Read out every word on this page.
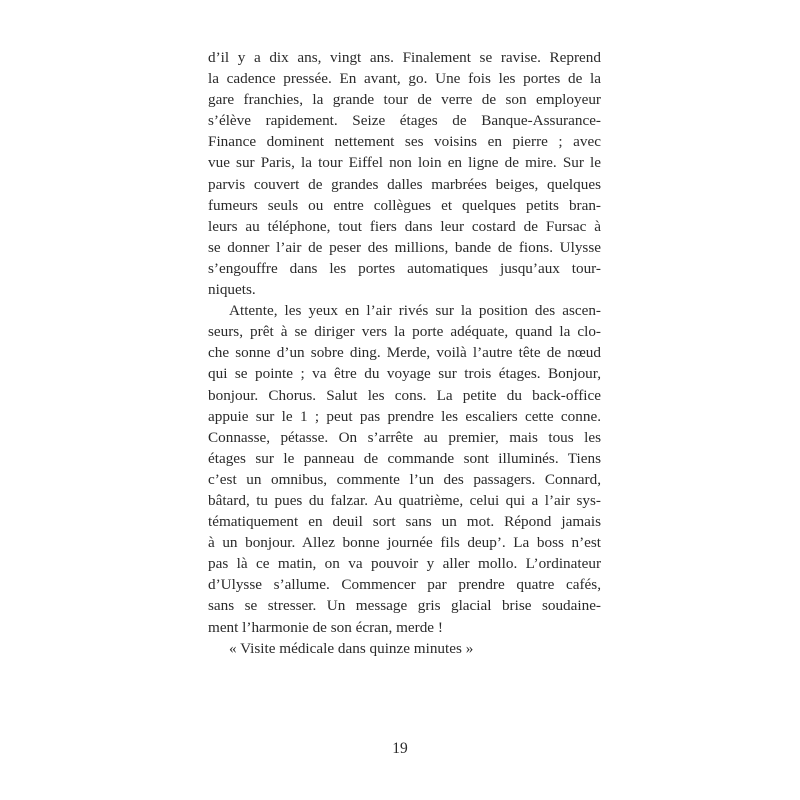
d’il y a dix ans, vingt ans. Finalement se ravise. Reprend
la cadence pressée. En avant, go. Une fois les portes de la
gare franchies, la grande tour de verre de son employeur
s’élève rapidement. Seize étages de Banque-Assurance-
Finance dominent nettement ses voisins en pierre ; avec
vue sur Paris, la tour Eiffel non loin en ligne de mire. Sur le
parvis couvert de grandes dalles marbrées beiges, quelques
fumeurs seuls ou entre collègues et quelques petits bran-
leurs au téléphone, tout fiers dans leur costard de Fursac à
se donner l’air de peser des millions, bande de fions. Ulysse
s’engouffre dans les portes automatiques jusqu’aux tour-
niquets.

Attente, les yeux en l’air rivés sur la position des ascen-
seurs, prêt à se diriger vers la porte adéquate, quand la clo-
che sonne d’un sobre ding. Merde, voilà l’autre tête de nœud
qui se pointe ; va être du voyage sur trois étages. Bonjour,
bonjour. Chorus. Salut les cons. La petite du back-office
appuie sur le 1 ; peut pas prendre les escaliers cette conne.
Connasse, pétasse. On s’arrête au premier, mais tous les
étages sur le panneau de commande sont illuminés. Tiens
c’est un omnibus, commente l’un des passagers. Connard,
bâtard, tu pues du falzar. Au quatrième, celui qui a l’air sys-
tématiquement en deuil sort sans un mot. Répond jamais
à un bonjour. Allez bonne journée fils deup’. La boss n’est
pas là ce matin, on va pouvoir y aller mollo. L’ordinateur
d’Ulysse s’allume. Commencer par prendre quatre cafés,
sans se stresser. Un message gris glacial brise soudaine-
ment l’harmonie de son écran, merde !

« Visite médicale dans quinze minutes »

19
